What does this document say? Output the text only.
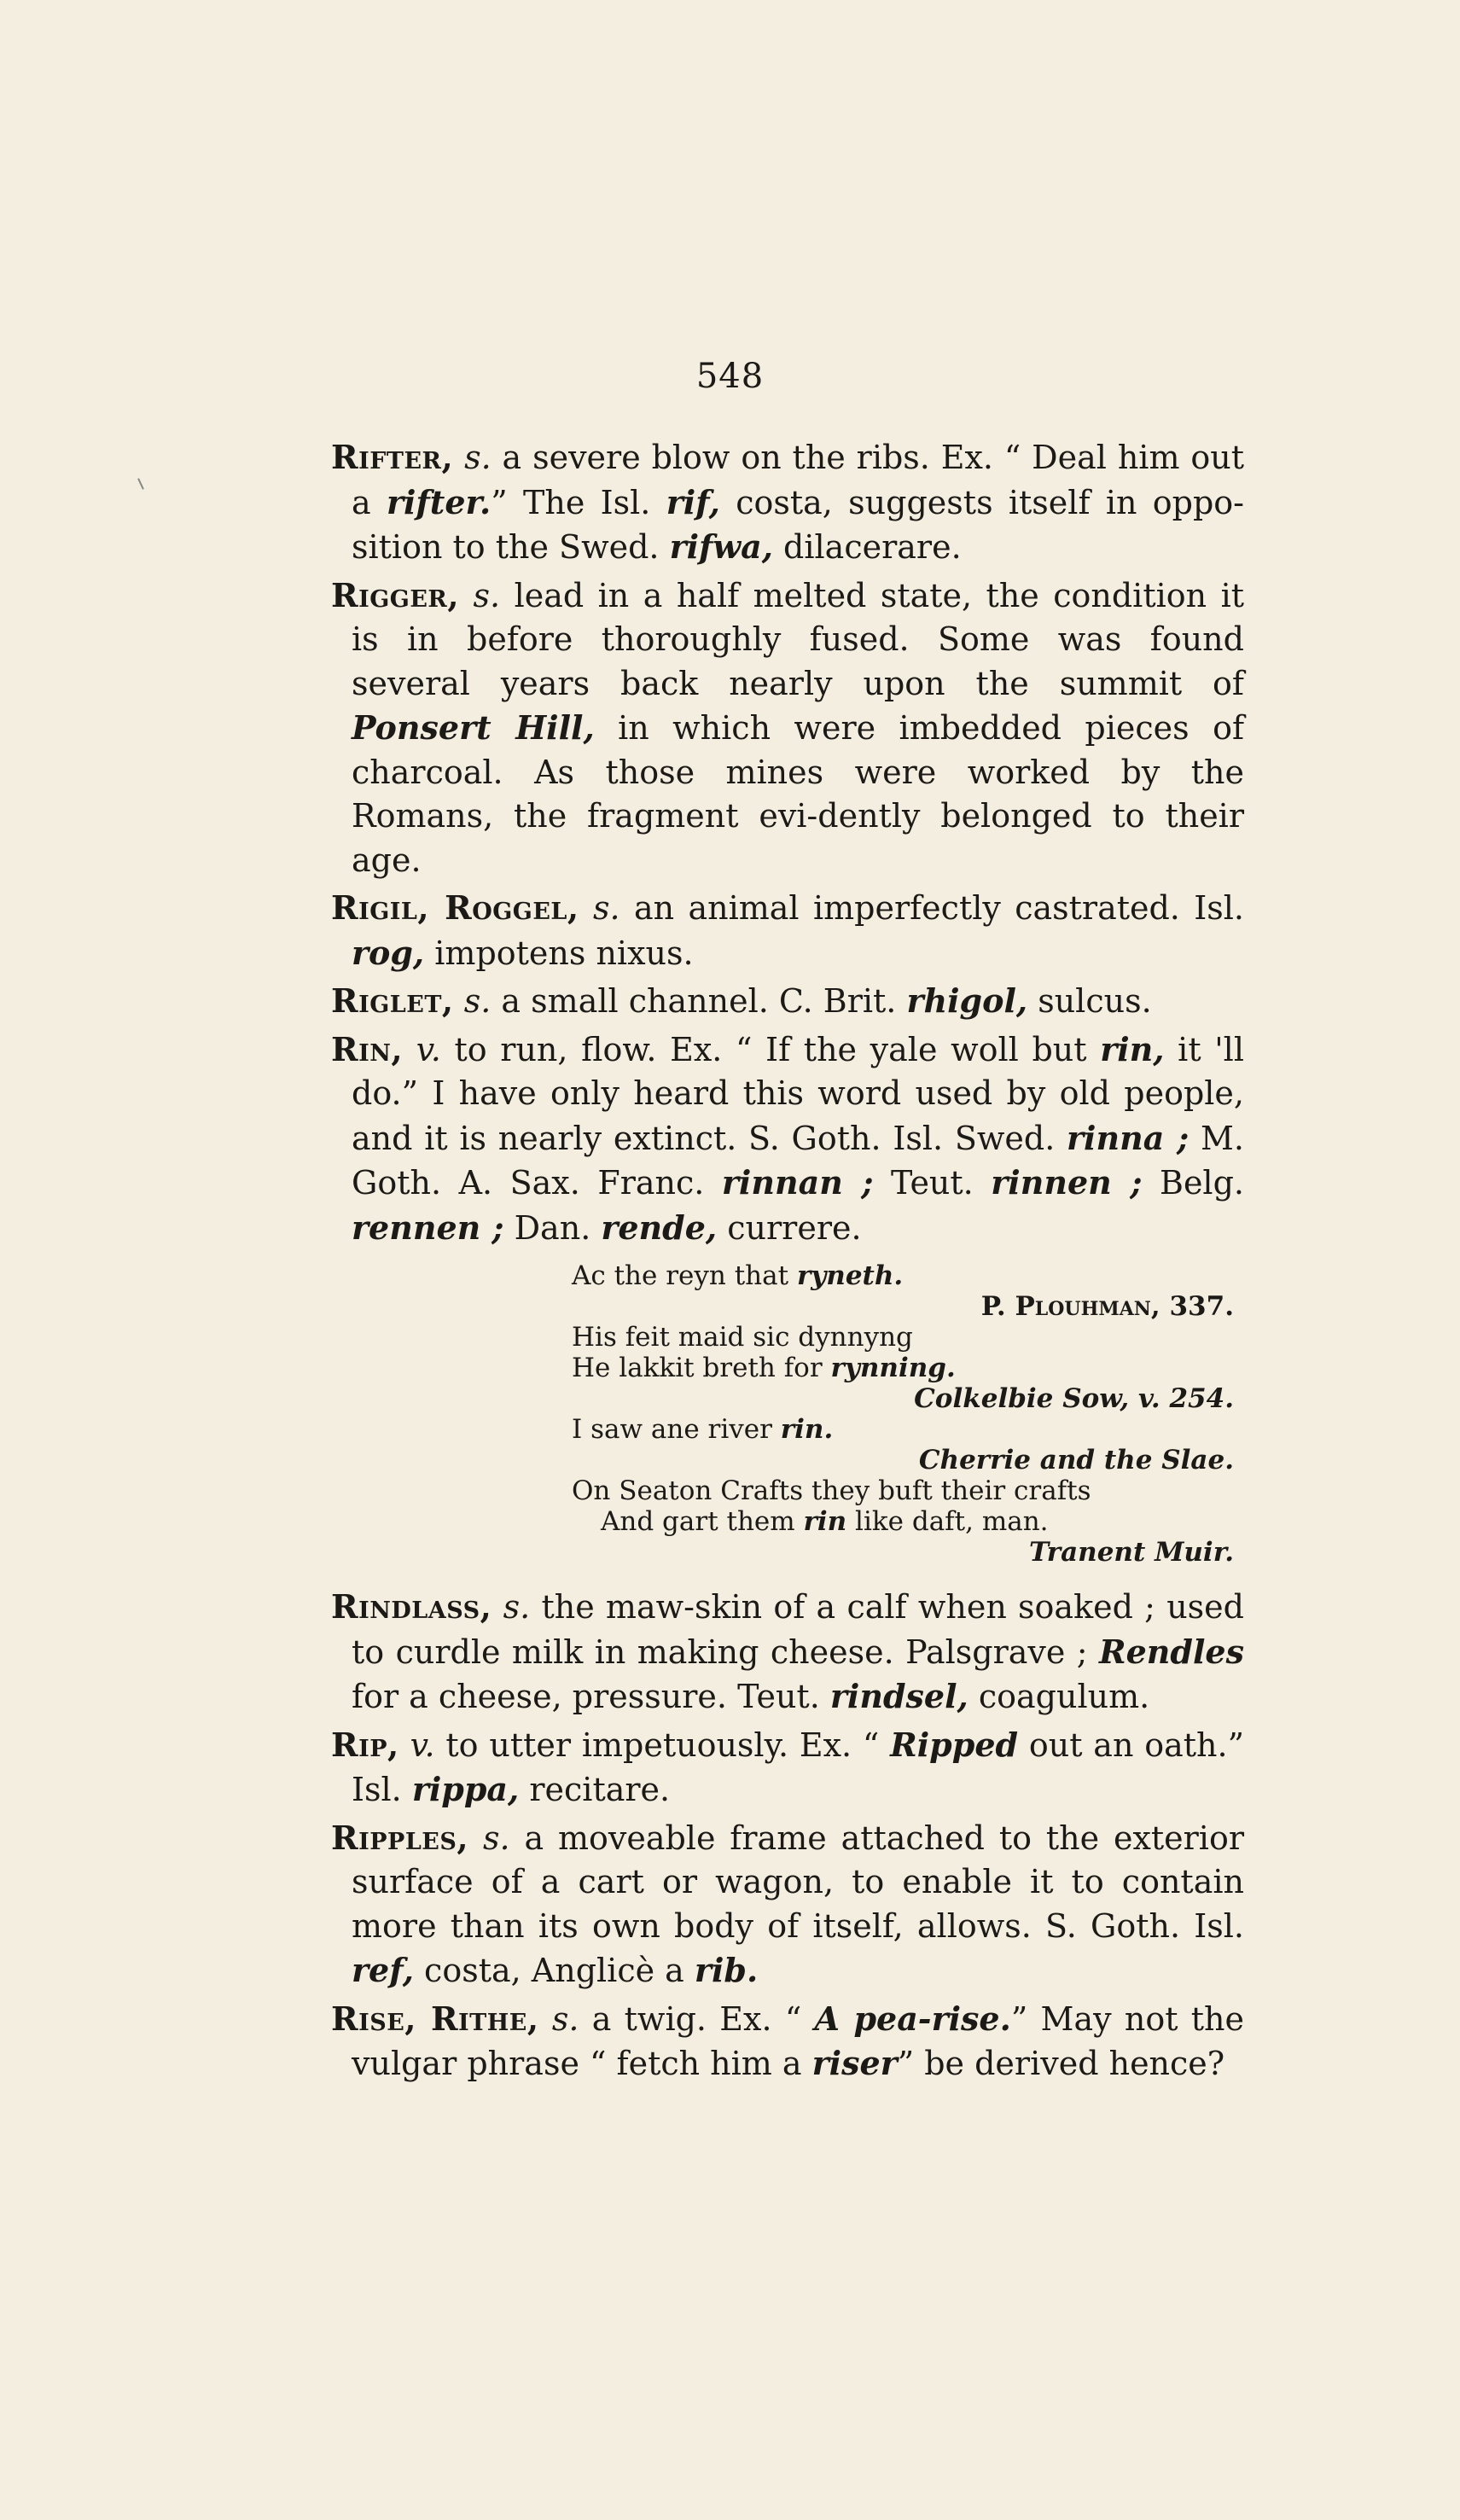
548

Rifter, s. a severe blow on the ribs. Ex. “ Deal him out a rifter.” The Isl. rif, costa, suggests itself in oppo-sition to the Swed. rifwa, dilacerare.

Rigger, s. lead in a half melted state, the condition it is in before thoroughly fused. Some was found several years back nearly upon the summit of Ponsert Hill, in which were imbedded pieces of charcoal. As those mines were worked by the Romans, the fragment evi-dently belonged to their age.

Rigil, Roggel, s. an animal imperfectly castrated. Isl. rog, impotens nixus.

Riglet, s. a small channel. C. Brit. rhigol, sulcus.

Rin, v. to run, flow. Ex. “ If the yale woll but rin, it 'll do.” I have only heard this word used by old people, and it is nearly extinct. S. Goth. Isl. Swed. rinna ; M. Goth. A. Sax. Franc. rinnan ; Teut. rinnen ; Belg. rennen ; Dan. rende, currere.

Ac the reyn that ryneth.
P. Plouhman, 337.
His feit maid sic dynnyng
He lakkit breth for rynning.
Colkelbie Sow, v. 254.
I saw ane river rin.
Cherrie and the Slae.
On Seaton Crafts they buft their crafts
And gart them rin like daft, man.
Tranent Muir.

Rindlass, s. the maw-skin of a calf when soaked ; used to curdle milk in making cheese. Palsgrave ; Rendles for a cheese, pressure. Teut. rindsel, coagulum.

Rip, v. to utter impetuously. Ex. “ Ripped out an oath.” Isl. rippa, recitare.

Ripples, s. a moveable frame attached to the exterior surface of a cart or wagon, to enable it to contain more than its own body of itself, allows. S. Goth. Isl. ref, costa, Anglicè a rib.

Rise, Rithe, s. a twig. Ex. “ A pea-rise.” May not the vulgar phrase “ fetch him a riser” be derived hence?
